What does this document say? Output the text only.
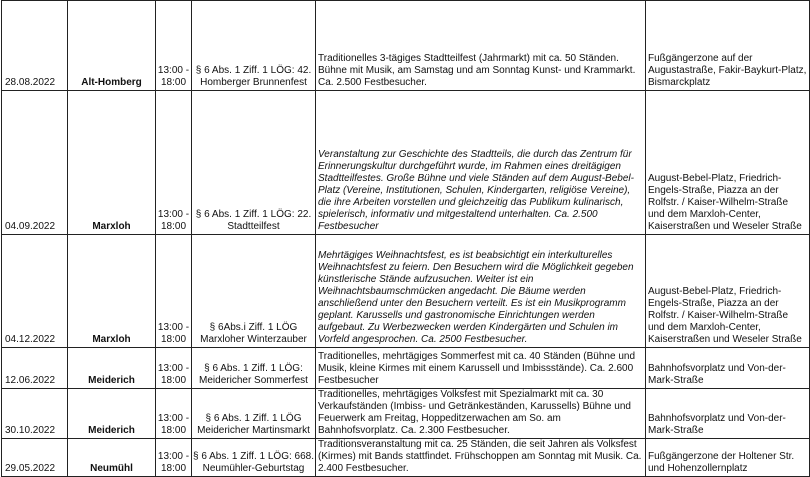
28.08.2022	Alt-Homberg	13:00 - 18:00	§ 6 Abs. 1 Ziff. 1 LÖG: 42. Homberger Brunnenfest	Traditionelles 3-tägiges Stadtteilfest (Jahrmarkt) mit ca. 50 Ständen. Bühne mit Musik, am Samstag und am Sonntag Kunst- und Krammarkt. Ca. 2.500 Festbesucher.	Fußgängerzone auf der Augustastraße, Fakir-Baykurt-Platz, Bismarckplatz
04.09.2022	Marxloh	13:00 - 18:00	§ 6 Abs. 1 Ziff. 1 LÖG: 22. Stadtteilfest	Veranstaltung zur Geschichte des Stadtteils, die durch das Zentrum für Erinnerungskultur durchgeführt wurde, im Rahmen eines dreitägigen Stadtteilfestes. Große Bühne und viele Ständen auf dem August-Bebel-Platz (Vereine, Institutionen, Schulen, Kindergarten, religiöse Vereine), die ihre Arbeiten vorstellen und gleichzeitig das Publikum kulinarisch, spielerisch, informativ und mitgestaltend unterhalten. Ca. 2.500 Festbesucher	August-Bebel-Platz, Friedrich-Engels-Straße, Piazza an der Rolfstr. / Kaiser-Wilhelm-Straße und dem Marxloh-Center, Kaiserstraßen und Weseler Straße
04.12.2022	Marxloh	13:00 - 18:00	§ 6Abs.i Ziff. 1 LÖG Marxloher Winterzauber	Mehrtägiges Weihnachtsfest, es ist beabsichtigt ein interkulturelles Weihnachtsfest zu feiern. Den Besuchern wird die Möglichkeit gegeben künstlerische Stände aufzusuchen. Weiter ist ein Weihnachtsbaumschmücken angedacht. Die Bäume werden anschließend unter den Besuchern verteilt. Es ist ein Musikprogramm geplant. Karussells und gastronomische Einrichtungen werden aufgebaut. Zu Werbezwecken werden Kindergärten und Schulen im Vorfeld angesprochen. Ca. 2500 Festbesucher.	August-Bebel-Platz, Friedrich-Engels-Straße, Piazza an der Rolfstr. / Kaiser-Wilhelm-Straße und dem Marxloh-Center, Kaiserstraßen und Weseler Straße
12.06.2022	Meiderich	13:00 - 18:00	§ 6 Abs. 1 Ziff. 1 LÖG: Meidericher Sommerfest	Traditionelles, mehrtägiges Sommerfest mit ca. 40 Ständen (Bühne und Musik, kleine Kirmes mit einem Karussell und Imbissstände). Ca. 2.600 Festbesucher	Bahnhofsvorplatz und Von-der-Mark-Straße
30.10.2022	Meiderich	13:00 - 18:00	§ 6 Abs. 1 Ziff. 1 LÖG Meidericher Martinsmarkt	Traditionelles, mehrtägiges Volksfest mit Spezialmarkt mit ca. 30 Verkaufständen (Imbiss- und Getränkeständen, Karussells) Bühne und Feuerwerk am Freitag, Hoppeditzerwachen am So. am Bahnhofsvorplatz. Ca. 2.300 Festbesucher.	Bahnhofsvorplatz und Von-der-Mark-Straße
29.05.2022	Neumühl	13:00 - 18:00	§ 6 Abs. 1 Ziff. 1 LÖG: 668. Neumühler-Geburtstag	Traditionsveranstaltung mit ca. 25 Ständen, die seit Jahren als Volksfest (Kirmes) mit Bands stattfindet. Frühschoppen am Sonntag mit Musik. Ca. 2.400 Festbesucher.	Fußgängerzone der Holtener Str. und Hohenzollernplatz
